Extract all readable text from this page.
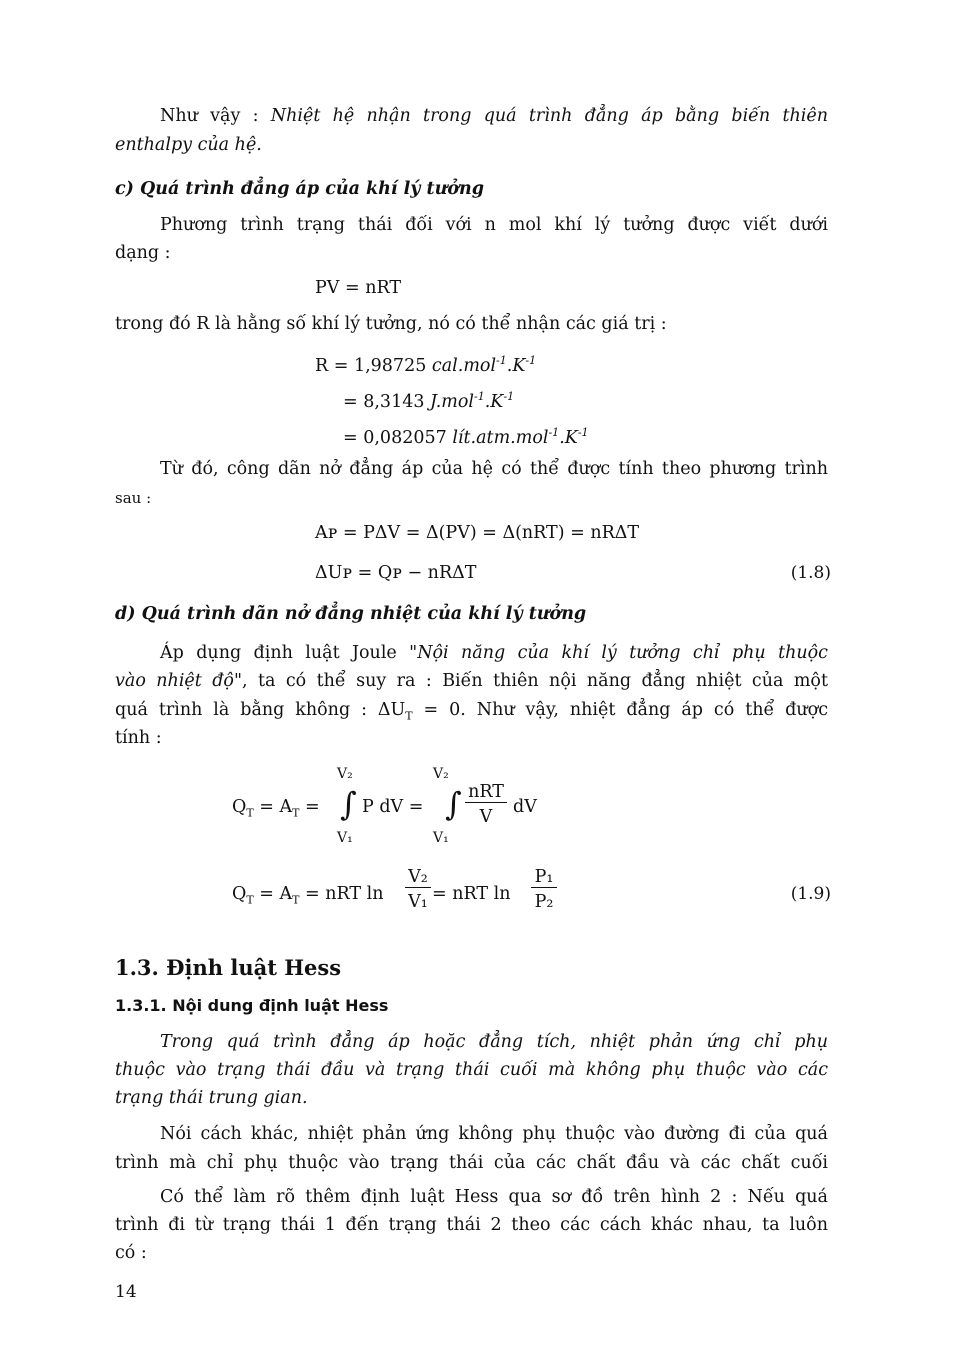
Như vậy : Nhiệt hệ nhận trong quá trình đẳng áp bằng biến thiên
enthalpy của hệ.
c) Quá trình đẳng áp của khí lý tưởng
Phương trình trạng thái đối với n mol khí lý tưởng được viết dưới
dạng :
PV = nRT
trong đó R là hằng số khí lý tưởng, nó có thể nhận các giá trị :
R = 1,98725 $cal.mol^{-1}.K^{-1}$
= 8,3143 $J.mol^{-1}.K^{-1}$
= 0,082057 $lít.atm.mol^{-1}.K^{-1}$
Từ đó, công dãn nở đẳng áp của hệ có thể được tính theo phương trình
sau :
Aᴘ = PΔV = Δ(PV) = Δ(nRT) = nRΔT
ΔUᴘ = Qᴘ − nRΔT	(1.8)
d) Quá trình dãn nở đẳng nhiệt của khí lý tưởng
Áp dụng định luật Joule "Nội năng của khí lý tưởng chỉ phụ thuộc
vào nhiệt độ", ta có thể suy ra : Biến thiên nội năng đẳng nhiệt của một
quá trình là bằng không : $\Delta U_T = 0$. Như vậy, nhiệt đẳng áp có thể được
tính :
$Q_T = A_T$ =
V₂
∫
V₁
P dV =
V₂
∫
V₁
nRT
V	dV
$Q_T = A_T$ = nRT ln
V₂
V₁ = nRT ln
P₁
P₂	(1.9)
1.3. Định luật Hess
1.3.1. Nội dung định luật Hess
Trong quá trình đẳng áp hoặc đẳng tích, nhiệt phản ứng chỉ phụ
thuộc vào trạng thái đầu và trạng thái cuối mà không phụ thuộc vào các
trạng thái trung gian.
Nói cách khác, nhiệt phản ứng không phụ thuộc vào đường đi của quá
trình mà chỉ phụ thuộc vào trạng thái của các chất đầu và các chất cuối
Có thể làm rõ thêm định luật Hess qua sơ đồ trên hình 2 : Nếu quá
trình đi từ trạng thái 1 đến trạng thái 2 theo các cách khác nhau, ta luôn
có :
14
